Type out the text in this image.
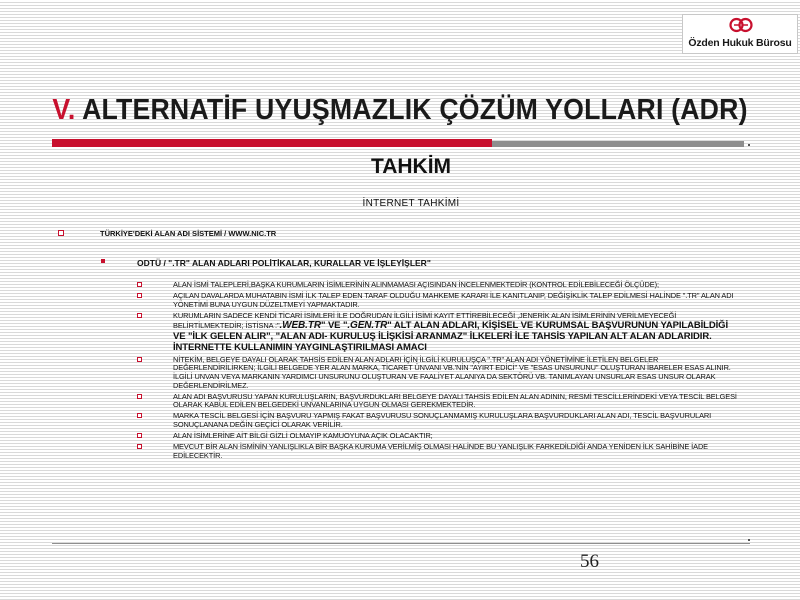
Özden Hukuk Bürosu
V. ALTERNATİF UYUŞMAZLIK ÇÖZÜM YOLLARI (ADR)
TAHKİM
İNTERNET TAHKİMİ
TÜRKİYE'DEKİ ALAN ADI SİSTEMİ / WWW.NIC.TR
ODTÜ / ".TR" ALAN ADLARI POLİTİKALAR, KURALLAR VE İŞLEYİŞLER"
ALAN İSMİ TALEPLERİ,BAŞKA KURUMLARIN İSİMLERİNİN ALINMAMASI AÇISINDAN İNCELENMEKTEDİR (KONTROL EDİLEBİLECEĞİ ÖLÇÜDE);
AÇILAN DAVALARDA MUHATABIN İSMİ İLK TALEP EDEN TARAF OLDUĞU MAHKEME KARARI İLE KANITLANIP, DEĞİŞİKLİK TALEP EDİLMESİ HALİNDE ".TR" ALAN ADI YÖNETİMİ BUNA UYGUN DÜZELTMEYİ YAPMAKTADIR.
KURUMLARIN SADECE KENDİ TİCARİ İSİMLERİ İLE DOĞRUDAN İLGİLİ İSİMİ KAYIT ETTİREBİLECEĞİ ,JENERİK ALAN İSİMLERİNİN VERİLMEYECEĞİ BELİRTİLMEKTEDİR; İSTİSNA :".WEB.TR" VE ".GEN.TR" ALT ALAN ADLARI, KİŞİSEL VE KURUMSAL BAŞVURUNUN YAPILABİLDİĞİ VE "İLK GELEN ALIR", "ALAN ADI- KURULUŞ İLİŞKİSİ ARANMAZ" İLKELERİ İLE TAHSİS YAPILAN ALT ALAN ADLARIDIR. İNTERNETTE KULLANIMIN YAYGINLAŞTIRILMASI AMACI
NİTEKİM, BELGEYE DAYALI OLARAK TAHSİS EDİLEN ALAN ADLARI İÇİN İLGİLİ KURULUŞÇA ".TR" ALAN ADI YÖNETİMİNE İLETİLEN BELGELER DEĞERLENDİRİLİRKEN; İLGİLİ BELGEDE YER ALAN MARKA, TİCARET ÜNVANI VB.'NİN "AYIRT EDİCİ" VE "ESAS UNSURUNU" OLUŞTURAN İBARELER ESAS ALINIR. İLGİLİ UNVAN VEYA MARKANIN YARDIMCI UNSURUNU OLUŞTURAN VE FAALİYET ALANIYA DA SEKTÖRÜ VB. TANIMLAYAN UNSURLAR ESAS UNSUR OLARAK DEĞERLENDİRİLMEZ.
ALAN ADI BAŞVURUSU YAPAN KURULUŞLARIN, BAŞVURDUKLARI BELGEYE DAYALI TAHSİS EDİLEN ALAN ADININ, RESMİ TESCİLLERİNDEKİ VEYA TESCİL BELGESİ OLARAK KABUL EDİLEN BELGEDEKİ UNVANLARINA UYGUN OLMASI GEREKMEKTEDİR.
MARKA TESCİL BELGESİ İÇİN BAŞVURU YAPMIŞ FAKAT BAŞVURUSU SONUÇLANMAMIŞ KURULUŞLARA BAŞVURDUKLARI ALAN ADI, TESCİL BAŞVURULARI SONUÇLANANA DEĞİN GEÇİCİ OLARAK VERİLİR.
ALAN İSİMLERİNE AİT BİLGİ GİZLİ OLMAYIP KAMUOYUNA AÇIK OLACAKTIR;
MEVCUT BİR ALAN İSMİNİN YANLIŞLIKLA BİR BAŞKA KURUMA VERİLMİŞ OLMASI HALİNDE BU YANLIŞLIK FARKEDİLDİĞİ ANDA YENİDEN İLK SAHİBİNE İADE EDİLECEKTİR.
56
